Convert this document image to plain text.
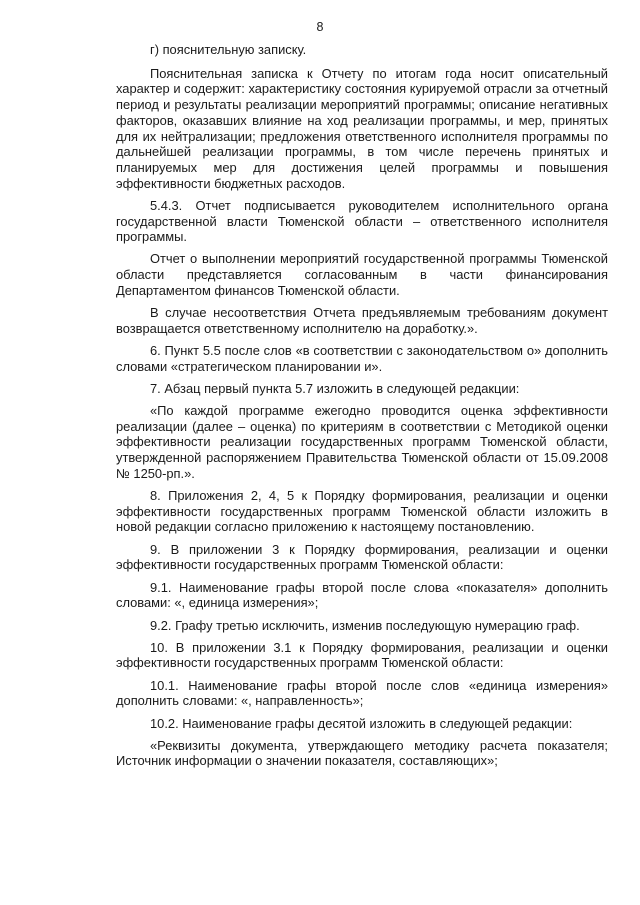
8

г) пояснительную записку.

Пояснительная записка к Отчету по итогам года носит описательный характер и содержит: характеристику состояния курируемой отрасли за отчетный период и результаты реализации мероприятий программы; описание негативных факторов, оказавших влияние на ход реализации программы, и мер, принятых для их нейтрализации; предложения ответственного исполнителя программы по дальнейшей реализации программы, в том числе перечень принятых и планируемых мер для достижения целей программы и повышения эффективности бюджетных расходов.

5.4.3. Отчет подписывается руководителем исполнительного органа государственной власти Тюменской области – ответственного исполнителя программы.

Отчет о выполнении мероприятий государственной программы Тюменской области представляется согласованным в части финансирования Департаментом финансов Тюменской области.

В случае несоответствия Отчета предъявляемым требованиям документ возвращается ответственному исполнителю на доработку.».

6. Пункт 5.5 после слов «в соответствии с законодательством о» дополнить словами «стратегическом планировании и».

7. Абзац первый пункта 5.7 изложить в следующей редакции:

«По каждой программе ежегодно проводится оценка эффективности реализации (далее – оценка) по критериям в соответствии с Методикой оценки эффективности реализации государственных программ Тюменской области, утвержденной распоряжением Правительства Тюменской области от 15.09.2008 № 1250-рп.».

8. Приложения 2, 4, 5 к Порядку формирования, реализации и оценки эффективности государственных программ Тюменской области изложить в новой редакции согласно приложению к настоящему постановлению.

9. В приложении 3 к Порядку формирования, реализации и оценки эффективности государственных программ Тюменской области:

9.1. Наименование графы второй после слова «показателя» дополнить словами: «, единица измерения»;

9.2. Графу третью исключить, изменив последующую нумерацию граф.

10. В приложении 3.1 к Порядку формирования, реализации и оценки эффективности государственных программ Тюменской области:

10.1. Наименование графы второй после слов «единица измерения» дополнить словами: «, направленность»;

10.2. Наименование графы десятой изложить в следующей редакции:

«Реквизиты документа, утверждающего методику расчета показателя; Источник информации о значении показателя, составляющих»;
